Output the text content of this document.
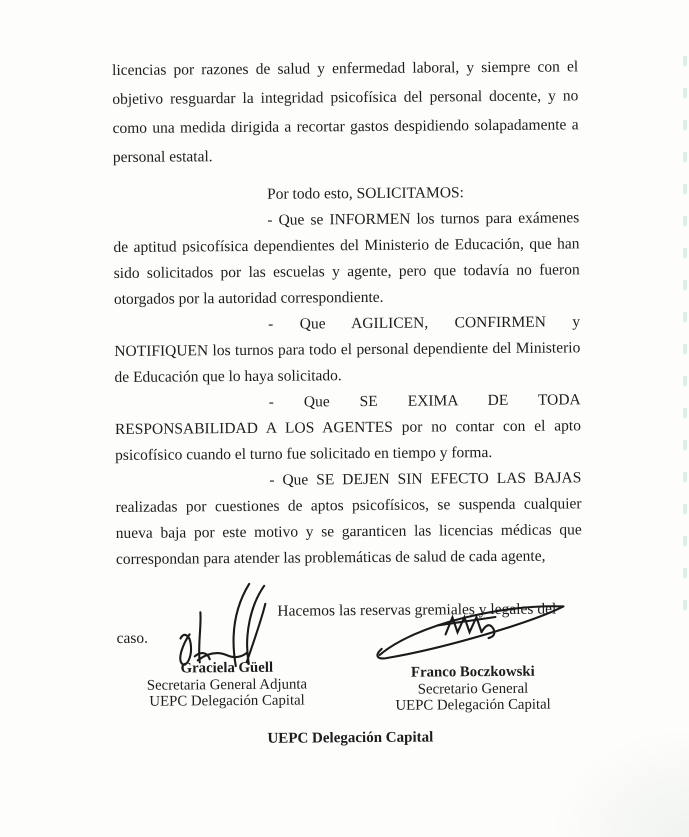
licencias por razones de salud y enfermedad laboral, y siempre con el objetivo resguardar la integridad psicofísica del personal docente, y no como una medida dirigida a recortar gastos despidiendo solapadamente a personal estatal.

Por todo esto, SOLICITAMOS:

- Que se INFORMEN los turnos para exámenes de aptitud psicofísica dependientes del Ministerio de Educación, que han sido solicitados por las escuelas y agente, pero que todavía no fueron otorgados por la autoridad correspondiente.

- Que AGILICEN, CONFIRMEN y NOTIFIQUEN los turnos para todo el personal dependiente del Ministerio de Educación que lo haya solicitado.

- Que SE EXIMA DE TODA RESPONSABILIDAD A LOS AGENTES por no contar con el apto psicofísico cuando el turno fue solicitado en tiempo y forma.

- Que SE DEJEN SIN EFECTO LAS BAJAS realizadas por cuestiones de aptos psicofísicos, se suspenda cualquier nueva baja por este motivo y se garanticen las licencias médicas que correspondan para atender las problemáticas de salud de cada agente,

Hacemos las reservas gremiales y legales del caso.

Graciela Güell
Secretaria General Adjunta
UEPC Delegación Capital
Franco Boczkowski
Secretario General
UEPC Delegación Capital
UEPC Delegación Capital
